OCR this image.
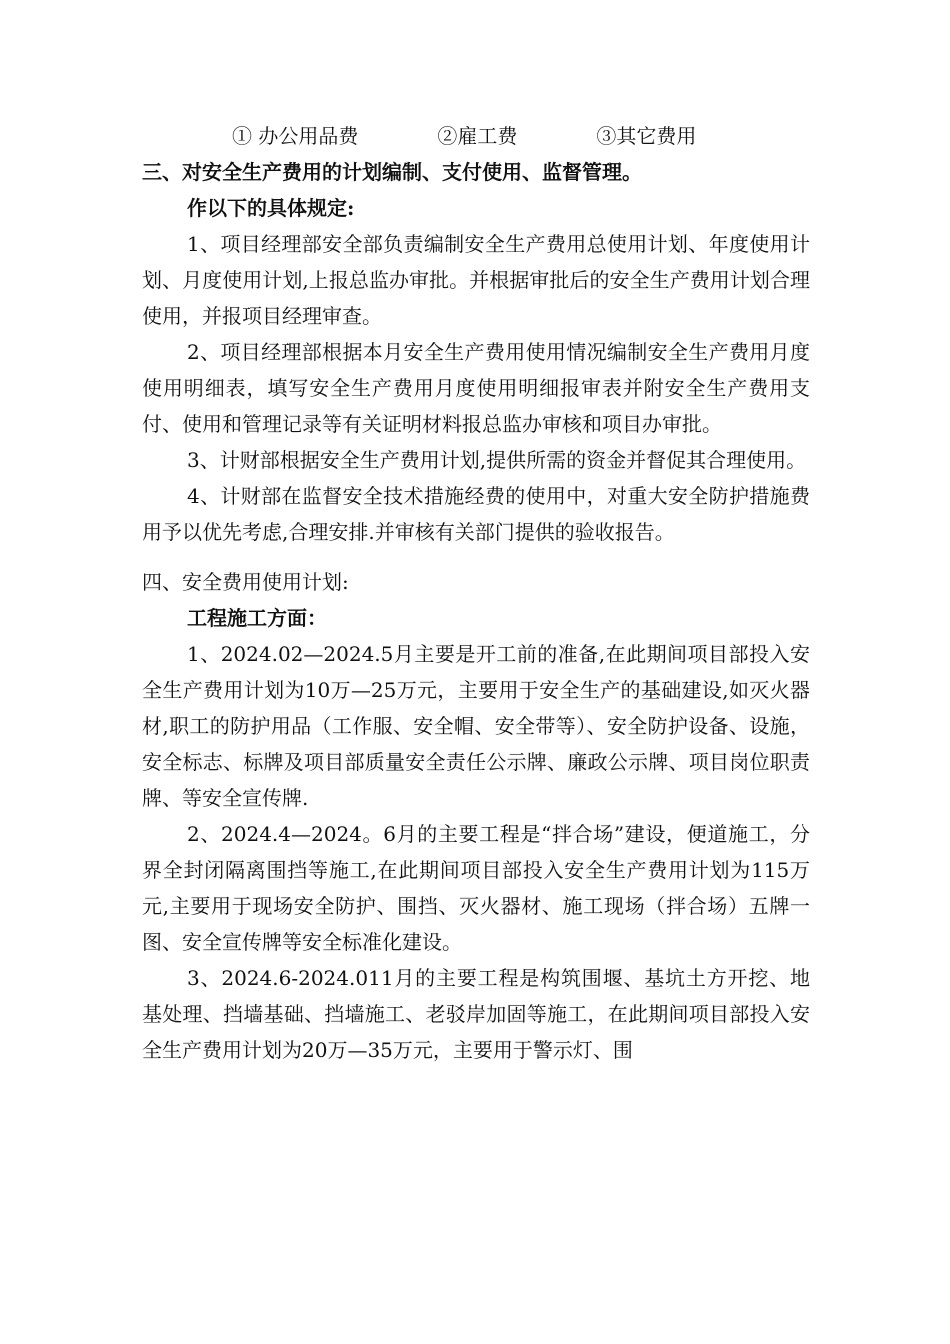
① 办公用品费	②雇工费	③其它费用

三、对安全生产费用的计划编制、支付使用、监督管理。

作以下的具体规定:

1、项目经理部安全部负责编制安全生产费用总使用计划、年度使用计划、月度使用计划,上报总监办审批。并根据审批后的安全生产费用计划合理使用，并报项目经理审查。

2、项目经理部根据本月安全生产费用使用情况编制安全生产费用月度使用明细表，填写安全生产费用月度使用明细报审表并附安全生产费用支付、使用和管理记录等有关证明材料报总监办审核和项目办审批。

3、计财部根据安全生产费用计划,提供所需的资金并督促其合理使用。

4、计财部在监督安全技术措施经费的使用中，对重大安全防护措施费用予以优先考虑,合理安排.并审核有关部门提供的验收报告。

四、安全费用使用计划:

工程施工方面：

1、2024.02—2024.5月主要是开工前的准备,在此期间项目部投入安全生产费用计划为10万—25万元，主要用于安全生产的基础建设,如灭火器材,职工的防护用品（工作服、安全帽、安全带等）、安全防护设备、设施，安全标志、标牌及项目部质量安全责任公示牌、廉政公示牌、项目岗位职责牌、等安全宣传牌.

2、2024.4—2024。6月的主要工程是“拌合场”建设，便道施工，分界全封闭隔离围挡等施工,在此期间项目部投入安全生产费用计划为115万元,主要用于现场安全防护、围挡、灭火器材、施工现场（拌合场）五牌一图、安全宣传牌等安全标准化建设。

3、2024.6-2024.011月的主要工程是构筑围堰、基坑土方开挖、地基处理、挡墙基础、挡墙施工、老驳岸加固等施工，在此期间项目部投入安全生产费用计划为20万—35万元，主要用于警示灯、围
